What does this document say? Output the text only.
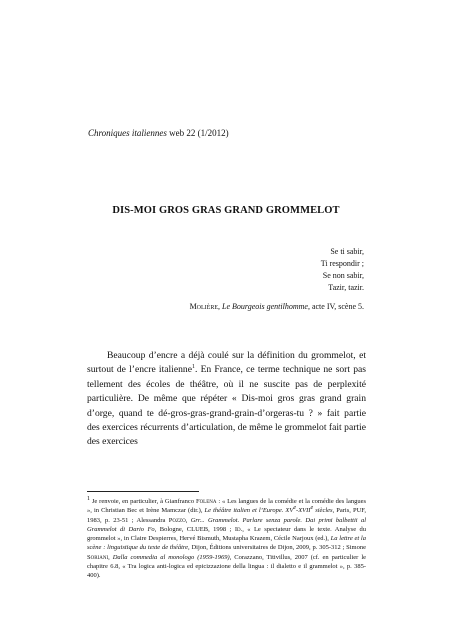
Chroniques italiennes web 22 (1/2012)
DIS-MOI GROS GRAS GRAND GROMMELOT
Se ti sabir,
Ti respondir ;
Se non sabir,
Tazir, tazir.
Molière, Le Bourgeois gentilhomme, acte IV, scène 5.
Beaucoup d’encre a déjà coulé sur la définition du grommelot, et surtout de l’encre italienne$^1$. En France, ce terme technique ne sort pas tellement des écoles de théâtre, où il ne suscite pas de perplexité particulière. De même que répéter « Dis-moi gros gras grand grain d’orge, quand te dé-gros-gras-grand-grain-d’orgeras-tu ? » fait partie des exercices récurrents d’articulation, de même le grommelot fait partie des exercices
$^1$ Je renvoie, en particulier, à Gianfranco Folena : « Les langues de la comédie et la comédie des langues », in Christian Bec et Irène Mamczar (dir.), Le théâtre italien et l’Europe. XVe-XVIIe siècles, Paris, PUF, 1983, p. 23-51 ; Alessandra Pozzo, Grr... Grammelot. Parlare senza parole. Dai primi balbettii al Grammelot di Dario Fo, Bologne, CLUEB, 1998 ; Id., « Le spectateur dans le texte. Analyse du grommelot », in Claire Despierres, Hervé Bismuth, Mustapha Krazem, Cécile Narjoux (ed.), La lettre et la scène : linguistique du texte de théâtre, Dijon, Éditions universitaires de Dijon, 2009, p. 305-312 ; Simone Soriani, Dalla commedia al monologo (1959-1969), Corazzano, Titivillus, 2007 (cf. en particulier le chapitre 6.8, « Tra logica anti-logica ed epicizzazione della lingua : il dialetto e il grammelot », p. 385-400).
